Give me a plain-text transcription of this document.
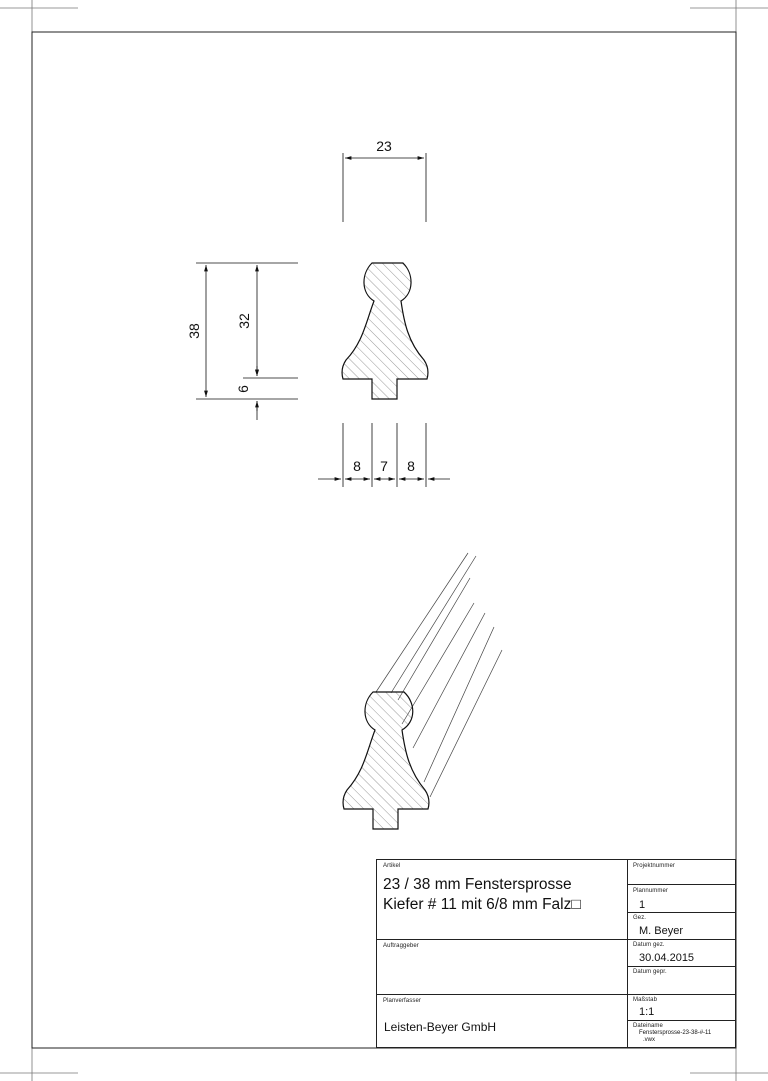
23
38
32
6
8 7 8
Artikel
23 / 38 mm Fenstersprosse
Kiefer # 11 mit 6/8 mm Falz□
Auftraggeber
Planverfasser
Leisten-Beyer GmbH
Projektnummer
Plannummer
1
Gez.
M. Beyer
Datum gez.
30.04.2015
Datum gepr.
Maßstab
1:1
Dateiname
Fenstersprosse-23-38-#-11
.vwx
